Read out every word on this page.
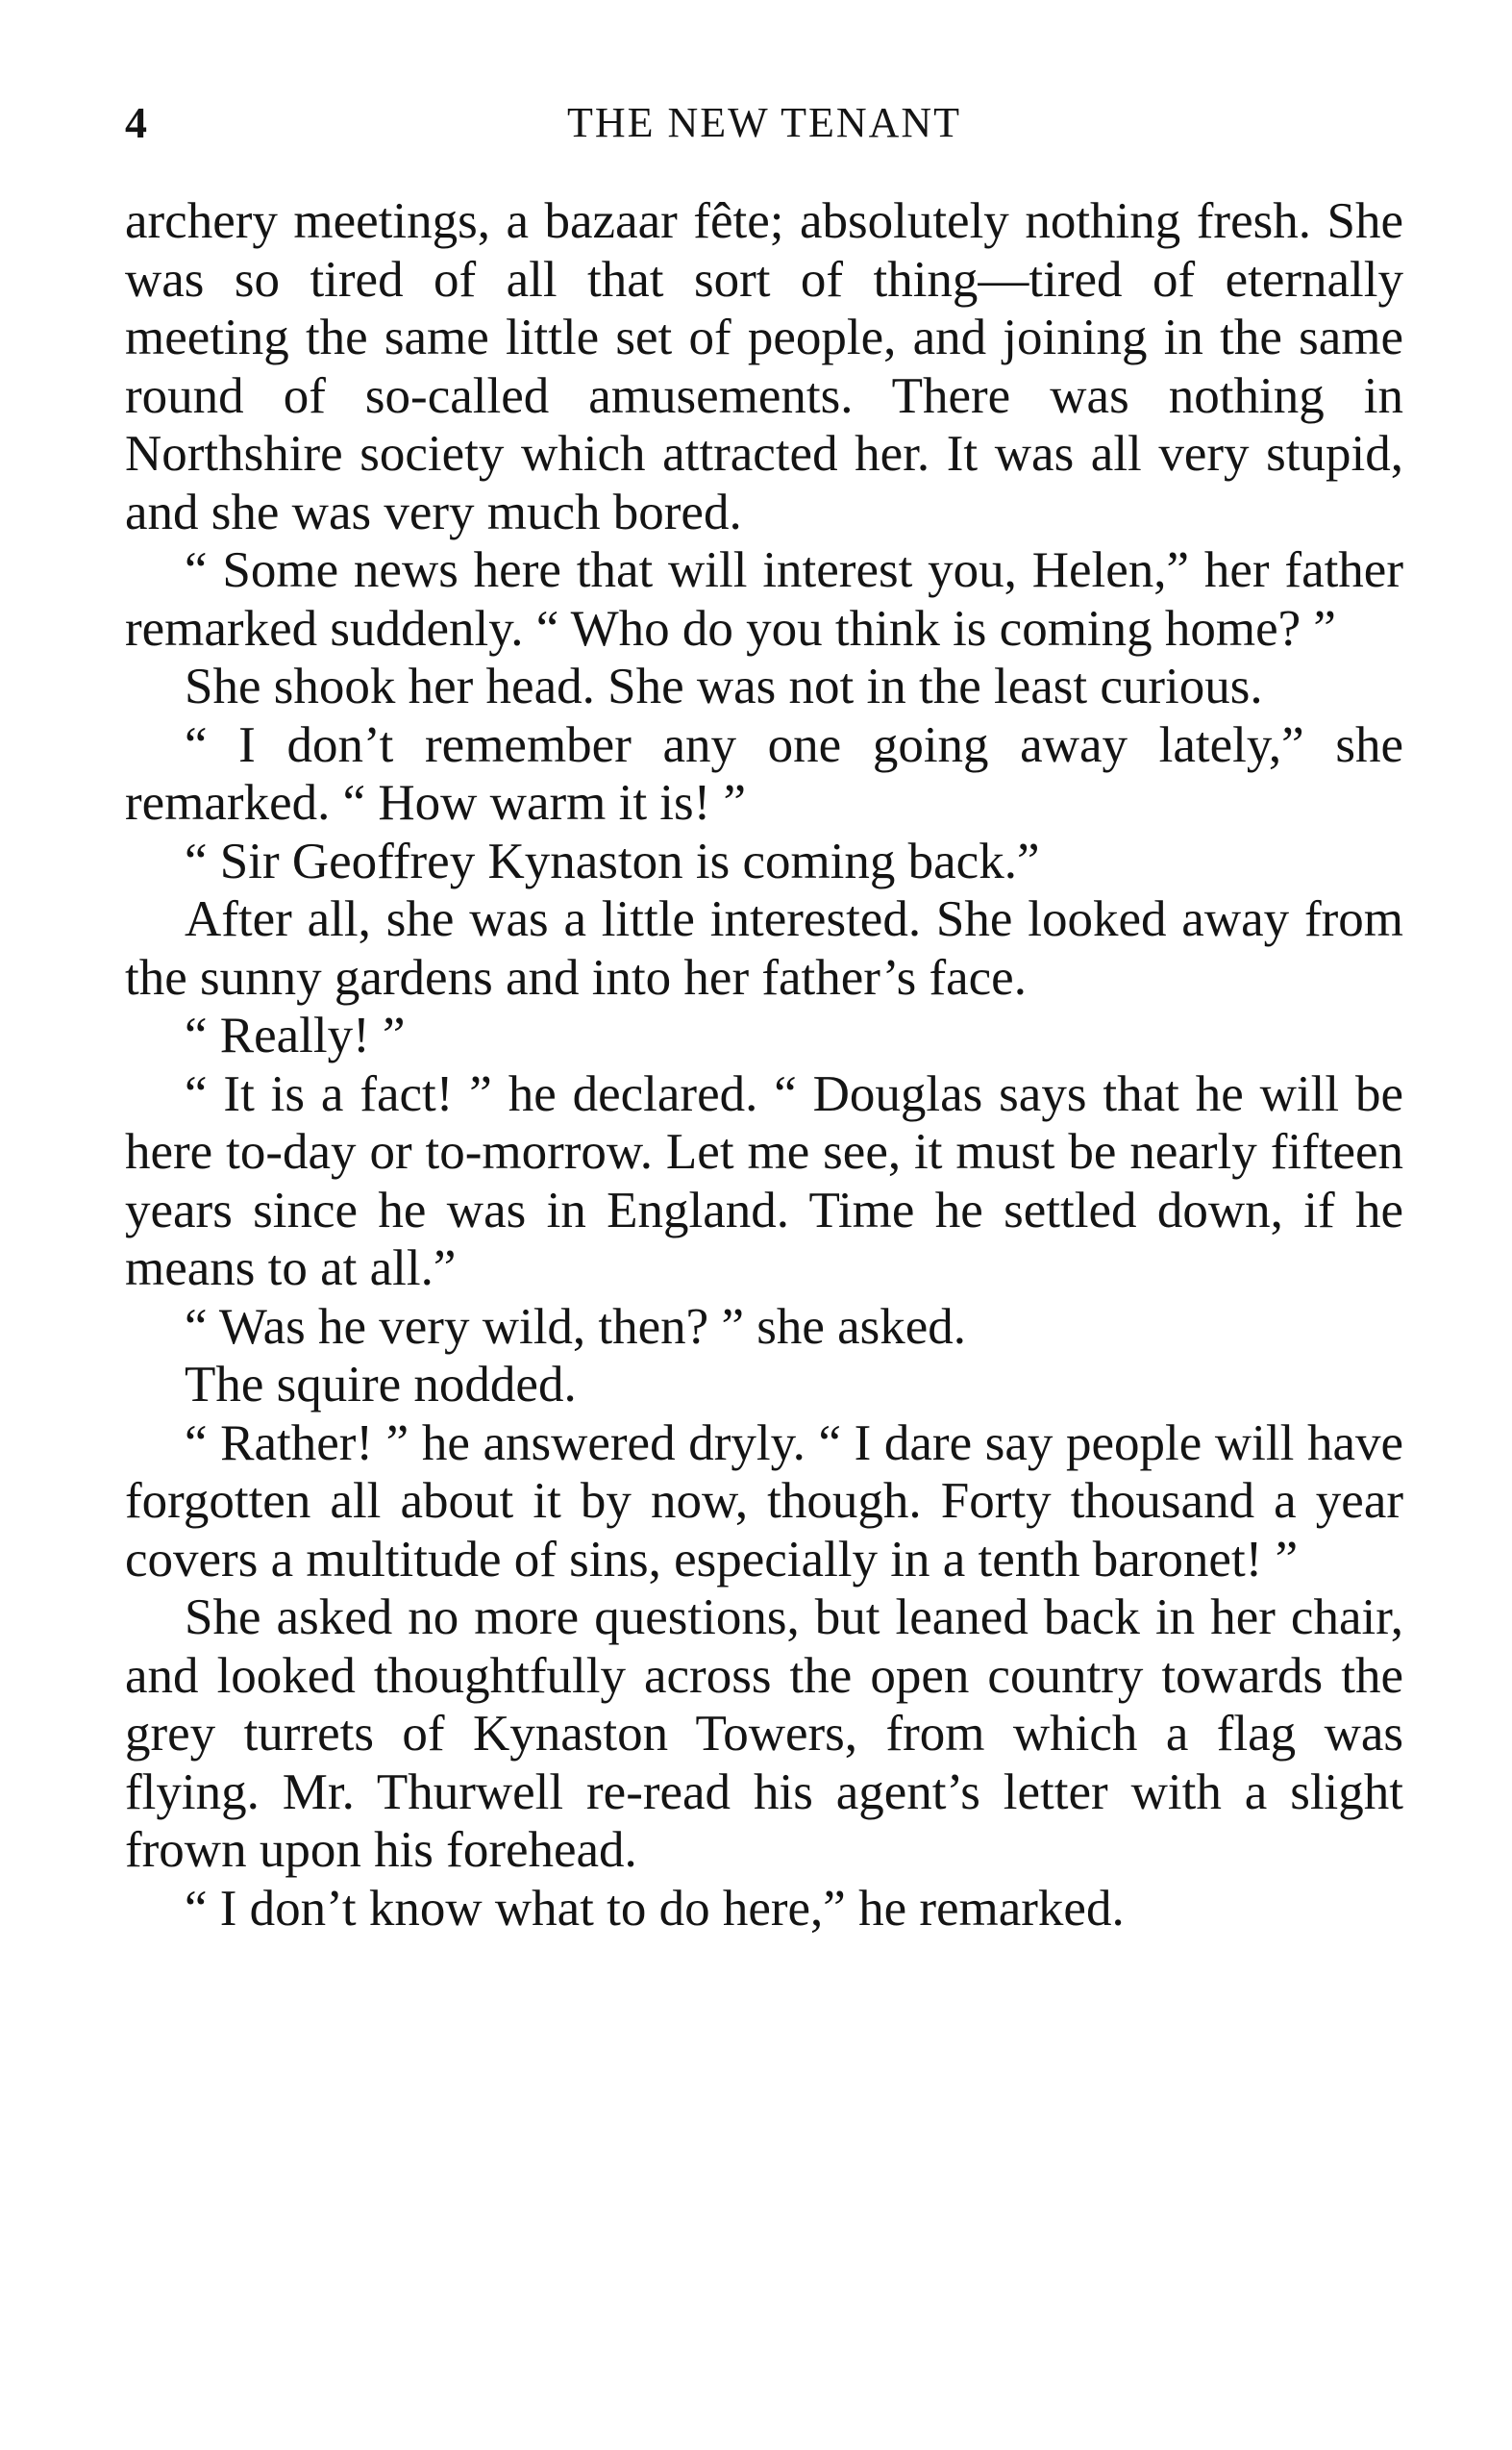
4	THE NEW TENANT

archery meetings, a bazaar fête; absolutely nothing fresh. She was so tired of all that sort of thing—tired of eternally meeting the same little set of people, and joining in the same round of so-called amusements. There was nothing in Northshire society which attracted her. It was all very stupid, and she was very much bored.

“ Some news here that will interest you, Helen,” her father remarked suddenly. “ Who do you think is coming home? ”

She shook her head. She was not in the least curious.

“ I don’t remember any one going away lately,” she remarked. “ How warm it is! ”

“ Sir Geoffrey Kynaston is coming back.”

After all, she was a little interested. She looked away from the sunny gardens and into her father’s face.

“ Really! ”

“ It is a fact! ” he declared. “ Douglas says that he will be here to-day or to-morrow. Let me see, it must be nearly fifteen years since he was in England. Time he settled down, if he means to at all.”

“ Was he very wild, then? ” she asked.

The squire nodded.

“ Rather! ” he answered dryly. “ I dare say people will have forgotten all about it by now, though. Forty thousand a year covers a multitude of sins, especially in a tenth baronet! ”

She asked no more questions, but leaned back in her chair, and looked thoughtfully across the open country towards the grey turrets of Kynaston Towers, from which a flag was flying. Mr. Thurwell re-read his agent’s letter with a slight frown upon his forehead.

“ I don’t know what to do here,” he remarked.
